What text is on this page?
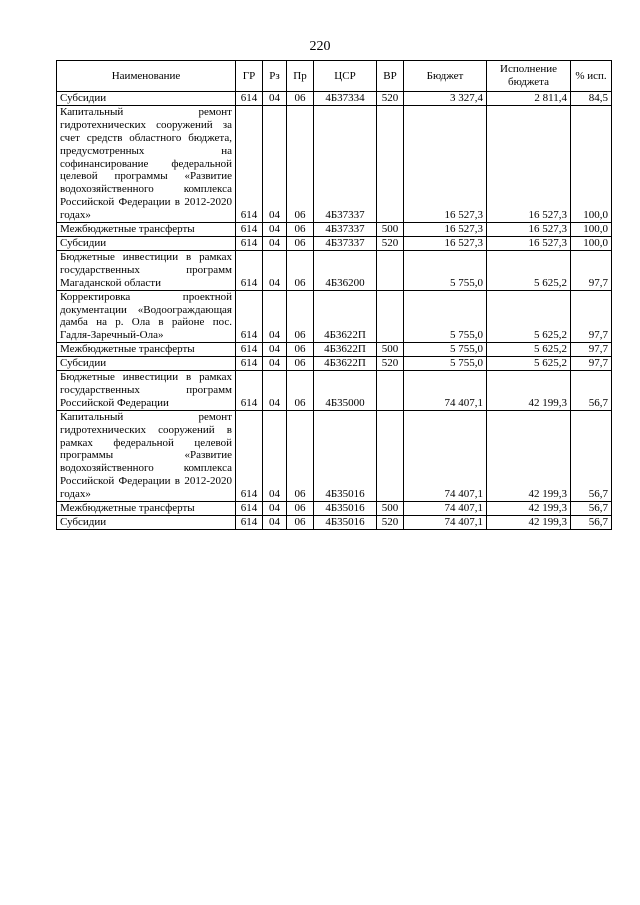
220
Наименование	ГР	Рз	Пр	ЦСР	ВР	Бюджет	Исполнение бюджета	% исп.
Субсидии	614	04	06	4Б37334	520	3 327,4	2 811,4	84,5
Капитальный ремонт гидротехнических сооружений за счет средств областного бюджета, предусмотренных на софинансирование федеральной целевой программы «Развитие водохозяйственного комплекса Российской Федерации в 2012-2020 годах»	614	04	06	4Б37337		16 527,3	16 527,3	100,0
Межбюджетные трансферты	614	04	06	4Б37337	500	16 527,3	16 527,3	100,0
Субсидии	614	04	06	4Б37337	520	16 527,3	16 527,3	100,0
Бюджетные инвестиции в рамках государственных программ Магаданской области	614	04	06	4Б36200		5 755,0	5 625,2	97,7
Корректировка проектной документации «Водоограждающая дамба на р. Ола в районе пос. Гадля-Заречный-Ола»	614	04	06	4Б3622П		5 755,0	5 625,2	97,7
Межбюджетные трансферты	614	04	06	4Б3622П	500	5 755,0	5 625,2	97,7
Субсидии	614	04	06	4Б3622П	520	5 755,0	5 625,2	97,7
Бюджетные инвестиции в рамках государственных программ Российской Федерации	614	04	06	4Б35000		74 407,1	42 199,3	56,7
Капитальный ремонт гидротехнических сооружений в рамках федеральной целевой программы «Развитие водохозяйственного комплекса Российской Федерации в 2012-2020 годах»	614	04	06	4Б35016		74 407,1	42 199,3	56,7
Межбюджетные трансферты	614	04	06	4Б35016	500	74 407,1	42 199,3	56,7
Субсидии	614	04	06	4Б35016	520	74 407,1	42 199,3	56,7
